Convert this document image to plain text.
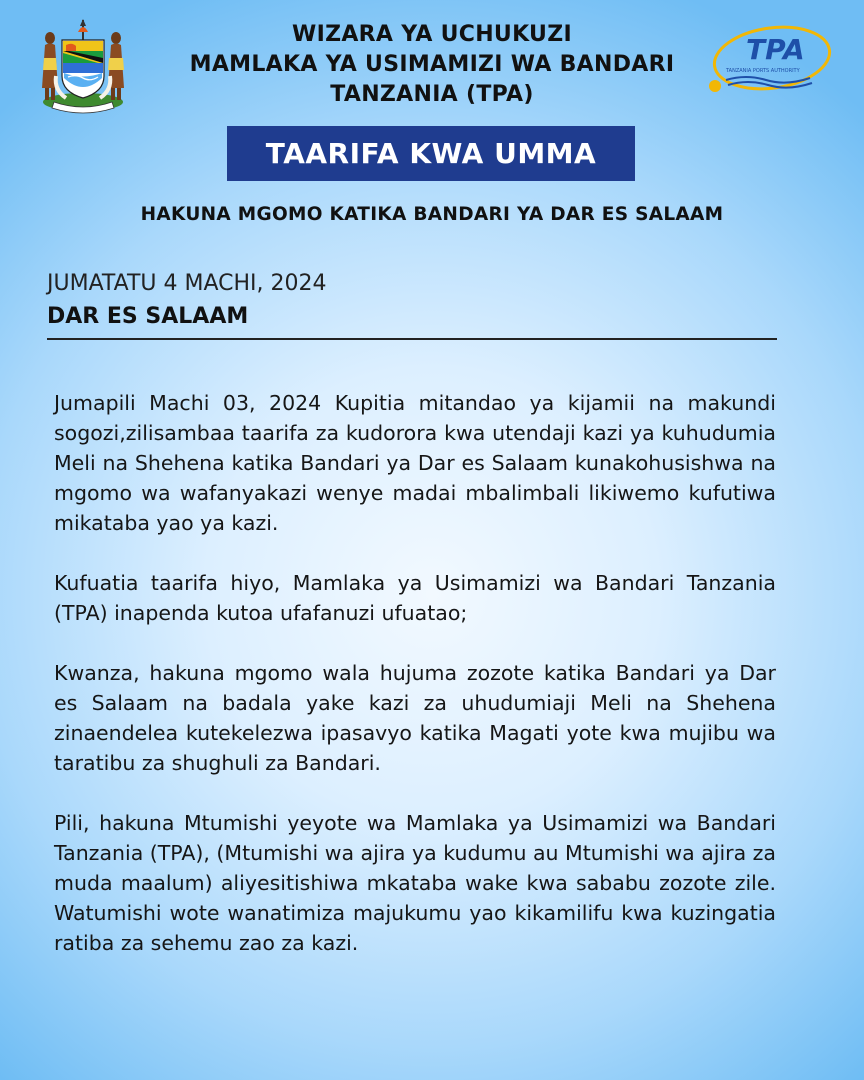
WIZARA YA UCHUKUZI
MAMLAKA YA USIMAMIZI WA BANDARI
TANZANIA (TPA)
TPA
TANZANIA PORTS AUTHORITY
TAARIFA KWA UMMA
HAKUNA MGOMO KATIKA BANDARI YA DAR ES SALAAM
JUMATATU 4 MACHI, 2024
DAR ES SALAAM

Jumapili Machi 03, 2024 Kupitia mitandao ya kijamii na makundi sogozi,zilisambaa taarifa za kudorora kwa utendaji kazi ya kuhudumia Meli na Shehena katika Bandari ya Dar es Salaam kunakohusishwa na mgomo wa wafanyakazi wenye madai mbalimbali likiwemo kufutiwa mikataba yao ya kazi.

Kufuatia taarifa hiyo, Mamlaka ya Usimamizi wa Bandari Tanzania (TPA) inapenda kutoa ufafanuzi ufuatao;

Kwanza, hakuna mgomo wala hujuma zozote katika Bandari ya Dar es Salaam na badala yake kazi za uhudumiaji Meli na Shehena zinaendelea kutekelezwa ipasavyo katika Magati yote kwa mujibu wa taratibu za shughuli za Bandari.

Pili, hakuna Mtumishi yeyote wa Mamlaka ya Usimamizi wa Bandari Tanzania (TPA), (Mtumishi wa ajira ya kudumu au Mtumishi wa ajira za muda maalum) aliyesitishiwa mkataba wake kwa sababu zozote zile. Watumishi wote wanatimiza majukumu yao kikamilifu kwa kuzingatia ratiba za sehemu zao za kazi.
